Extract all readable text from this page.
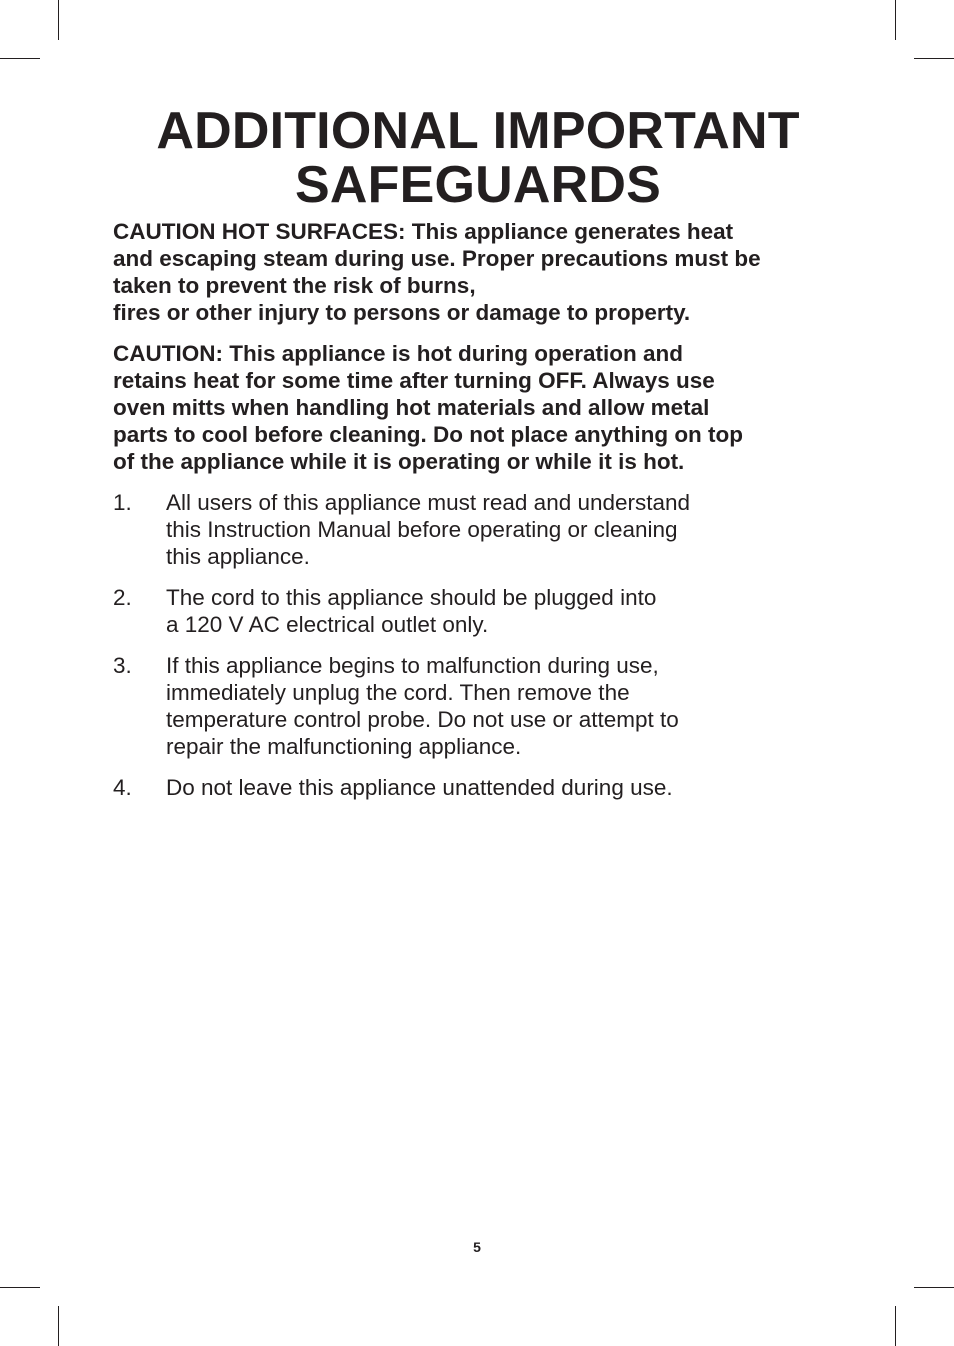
ADDITIONAL IMPORTANT
SAFEGUARDS

CAUTION HOT SURFACES: This appliance generates heat
and escaping steam during use. Proper precautions must be
taken to prevent the risk of burns,
fires or other injury to persons or damage to property.

CAUTION: This appliance is hot during operation and
retains heat for some time after turning OFF. Always use
oven mitts when handling hot materials and allow metal
parts to cool before cleaning. Do not place anything on top
of the appliance while it is operating or while it is hot.

1. All users of this appliance must read and understand
this Instruction Manual before operating or cleaning
this appliance.
2. The cord to this appliance should be plugged into
a 120 V AC electrical outlet only.
3. If this appliance begins to malfunction during use,
immediately unplug the cord. Then remove the
temperature control probe. Do not use or attempt to
repair the malfunctioning appliance.
4. Do not leave this appliance unattended during use.
5
